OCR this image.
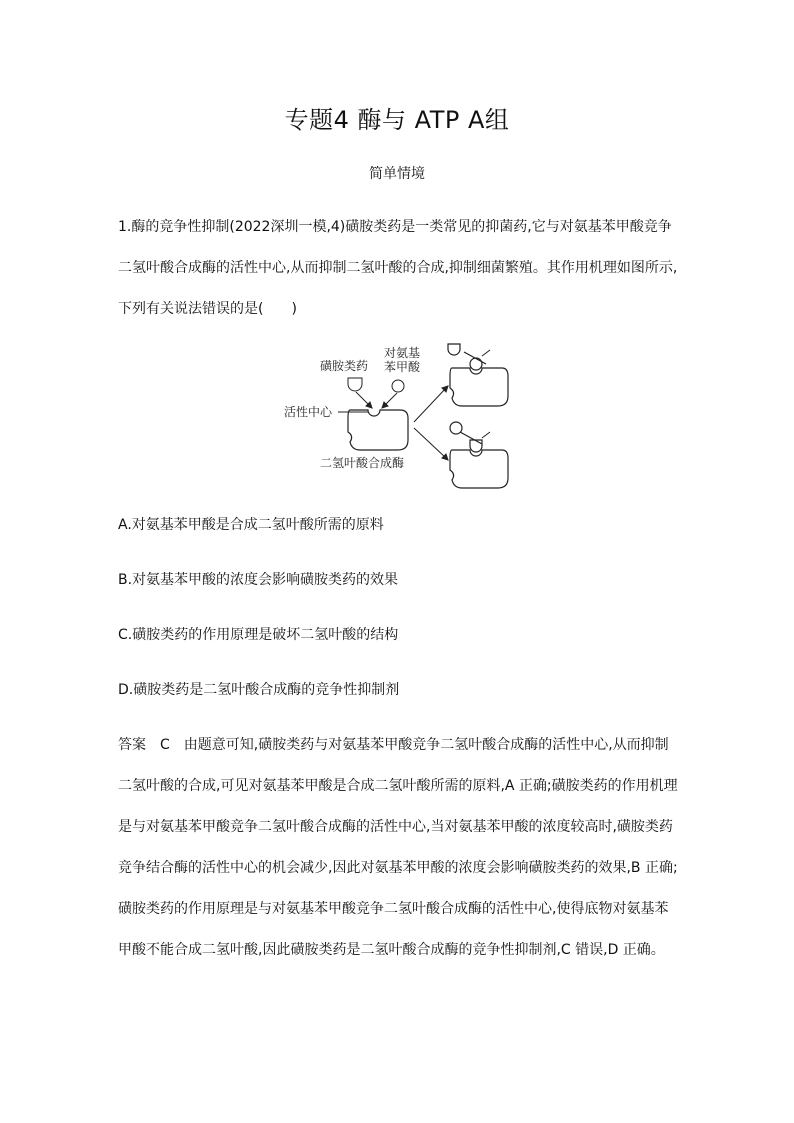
专题4 酶与 ATP A组
简单情境
1.酶的竞争性抑制(2022深圳一模,4)磺胺类药是一类常见的抑菌药,它与对氨基苯甲酸竞争二氢叶酸合成酶的活性中心,从而抑制二氢叶酸的合成,抑制细菌繁殖。其作用机理如图所示,下列有关说法错误的是(　　)
磺胺类药
对氨基
苯甲酸
活性中心
二氢叶酸合成酶
A.对氨基苯甲酸是合成二氢叶酸所需的原料
B.对氨基苯甲酸的浓度会影响磺胺类药的效果
C.磺胺类药的作用原理是破坏二氢叶酸的结构
D.磺胺类药是二氢叶酸合成酶的竞争性抑制剂
答案 C 由题意可知,磺胺类药与对氨基苯甲酸竞争二氢叶酸合成酶的活性中心,从而抑制二氢叶酸的合成,可见对氨基苯甲酸是合成二氢叶酸所需的原料,A 正确;磺胺类药的作用机理是与对氨基苯甲酸竞争二氢叶酸合成酶的活性中心,当对氨基苯甲酸的浓度较高时,磺胺类药竞争结合酶的活性中心的机会减少,因此对氨基苯甲酸的浓度会影响磺胺类药的效果,B 正确;磺胺类药的作用原理是与对氨基苯甲酸竞争二氢叶酸合成酶的活性中心,使得底物对氨基苯甲酸不能合成二氢叶酸,因此磺胺类药是二氢叶酸合成酶的竞争性抑制剂,C 错误,D 正确。
